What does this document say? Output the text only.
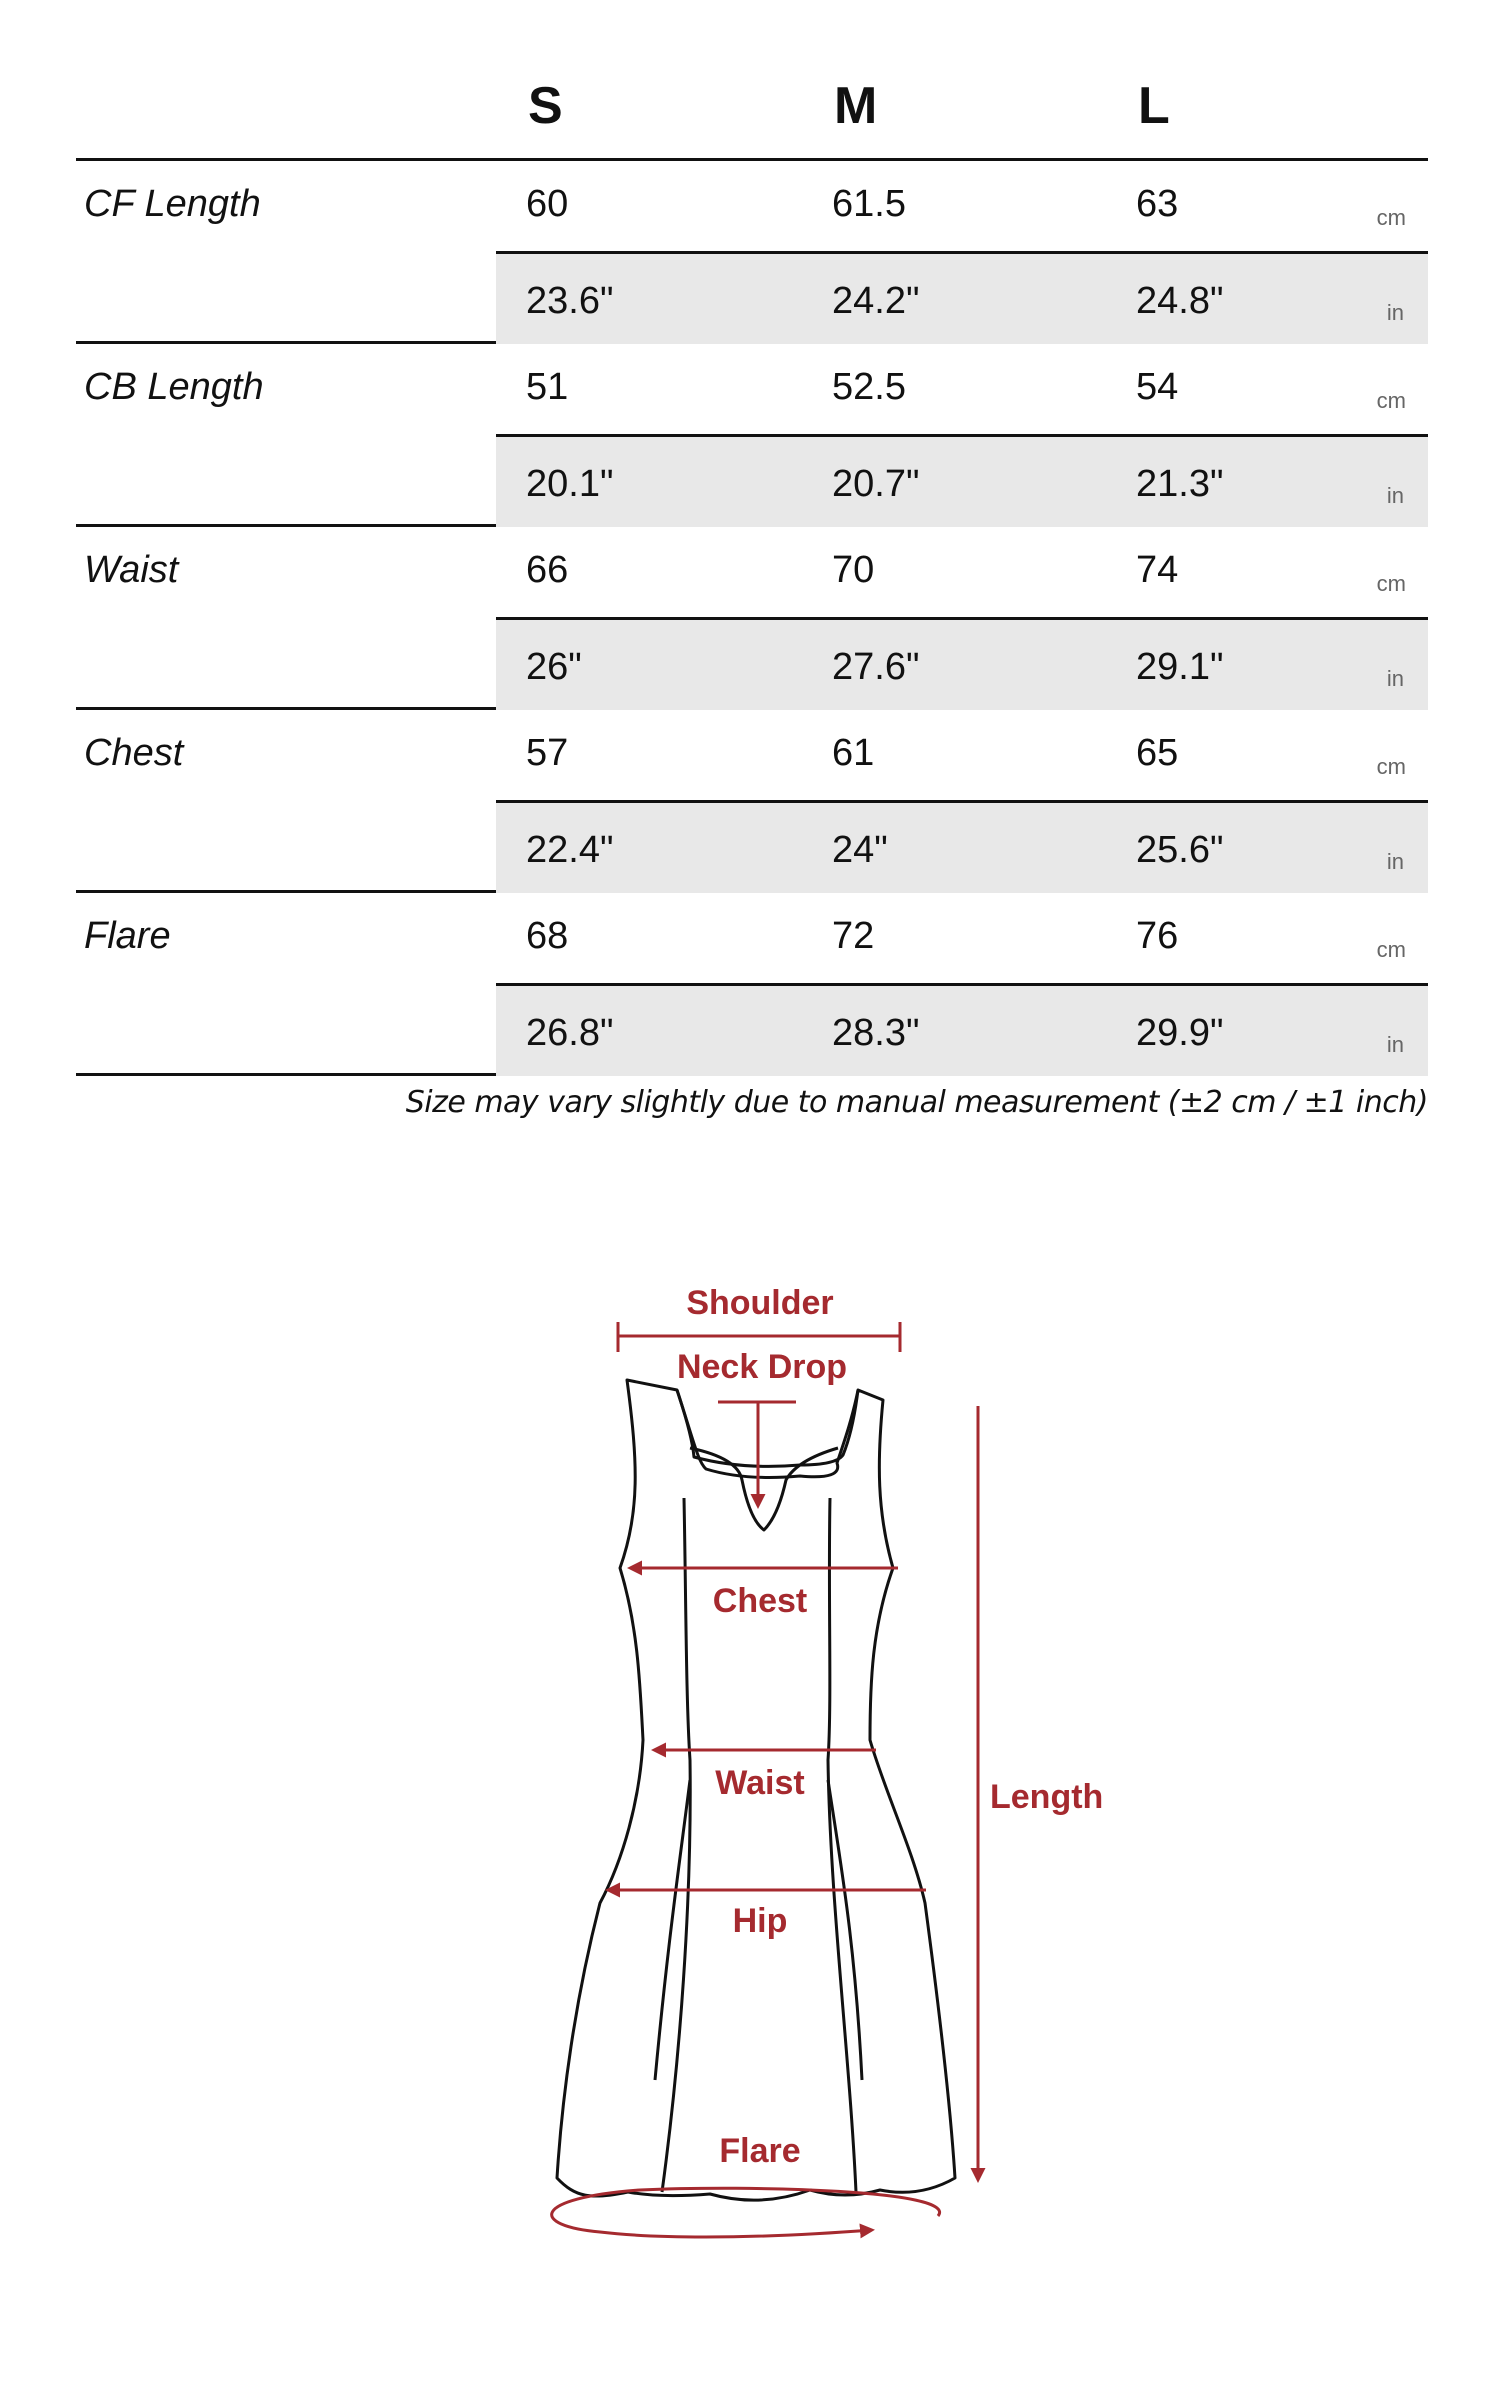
S	M	L
CF Length	60	61.5	63	cm
23.6"	24.2"	24.8"	in
CB Length	51	52.5	54	cm
20.1"	20.7"	21.3"	in
Waist	66	70	74	cm
26"	27.6"	29.1"	in
Chest	57	61	65	cm
22.4"	24"	25.6"	in
Flare	68	72	76	cm
26.8"	28.3"	29.9"	in
Size may vary slightly due to manual measurement (±2 cm / ±1 inch)
Shoulder
Neck Drop
Chest
Waist
Hip
Flare
Length
